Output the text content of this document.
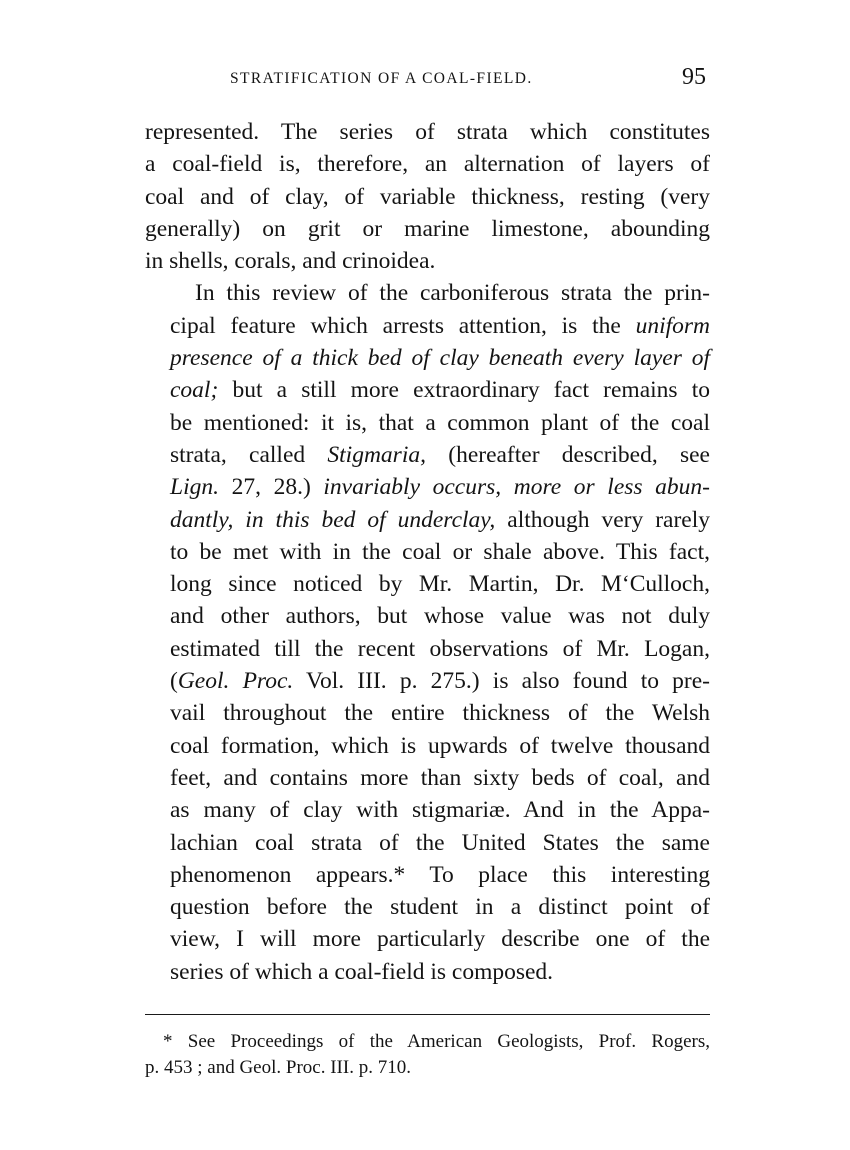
STRATIFICATION OF A COAL-FIELD.	95

represented. The series of strata which constitutes
a coal-field is, therefore, an alternation of layers of
coal and of clay, of variable thickness, resting (very
generally) on grit or marine limestone, abounding
in shells, corals, and crinoidea.

In this review of the carboniferous strata the prin-
cipal feature which arrests attention, is the uniform
presence of a thick bed of clay beneath every layer of
coal; but a still more extraordinary fact remains to
be mentioned: it is, that a common plant of the coal
strata, called Stigmaria, (hereafter described, see
Lign. 27, 28.) invariably occurs, more or less abun-
dantly, in this bed of underclay, although very rarely
to be met with in the coal or shale above. This fact,
long since noticed by Mr. Martin, Dr. M‘Culloch,
and other authors, but whose value was not duly
estimated till the recent observations of Mr. Logan,
(Geol. Proc. Vol. III. p. 275.) is also found to pre-
vail throughout the entire thickness of the Welsh
coal formation, which is upwards of twelve thousand
feet, and contains more than sixty beds of coal, and
as many of clay with stigmariæ. And in the Appa-
lachian coal strata of the United States the same
phenomenon appears.* To place this interesting
question before the student in a distinct point of
view, I will more particularly describe one of the
series of which a coal-field is composed.

* See Proceedings of the American Geologists, Prof. Rogers,
p. 453 ; and Geol. Proc. III. p. 710.
